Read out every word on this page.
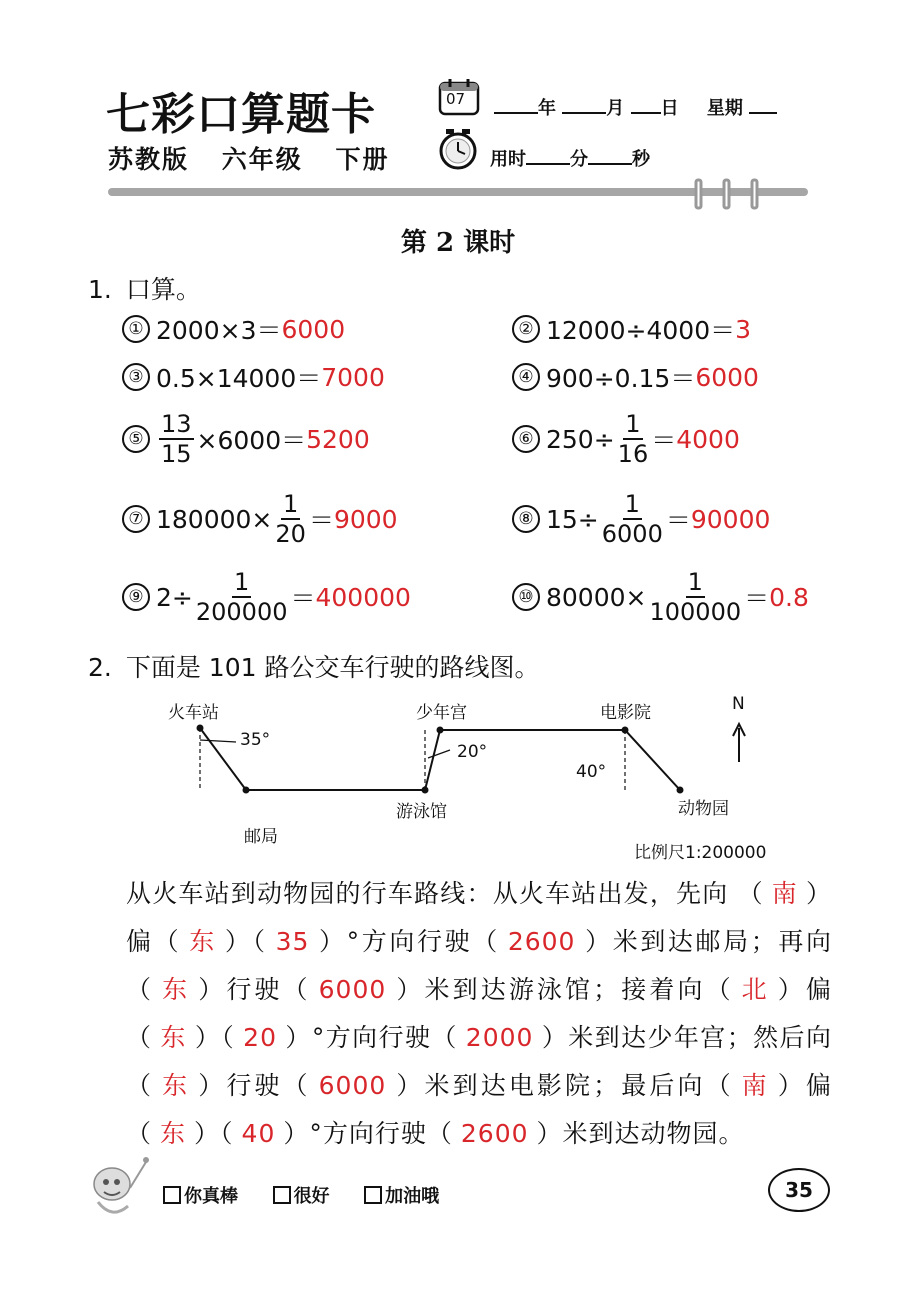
七彩口算题卡
苏教版 六年级 下册
07	年	月 日 星期
用时 分 秒
第 2 课时
1. 口算。
① 2000×3＝ 6000	② 12000÷4000＝ 3
③ 0.5×14000＝ 7000	④ 900÷0.15＝ 6000
⑤ $\frac{13}{15} \times 6000= 5200$	⑥ $250\div \frac{1}{16} = 4000$
⑦ $180000\times \frac{1}{20} = 9000$	⑧ $15\div \frac{1}{6000} = 90000$
⑨ $2\div \frac{1}{200000} = 400000$	⑩ $80000\times \frac{1}{100000} = 0.8$
2. 下面是 101 路公交车行驶的路线图。
火车站
邮局
游泳馆
少年宫	电影院
动物园
N
35°
20°
40°
比例尺1:200000
从火车站到动物园的行车路线：从火车站出发，先向 （ 南 ）偏（ 东 ）（ 35 ）°方向行驶（ 2600 ）米到达邮局；再向（ 东 ）行驶（ 6000 ）米到达游泳馆；接着向（ 北 ）偏（ 东 ）（ 20 ）°方向行驶（ 2000 ）米到达少年宫；然后向（ 东 ）行驶（ 6000 ）米到达电影院；最后向（ 南 ）偏（ 东 ）（ 40 ）°方向行驶（ 2600 ）米到达动物园。
你真棒	很好	加油哦	35
